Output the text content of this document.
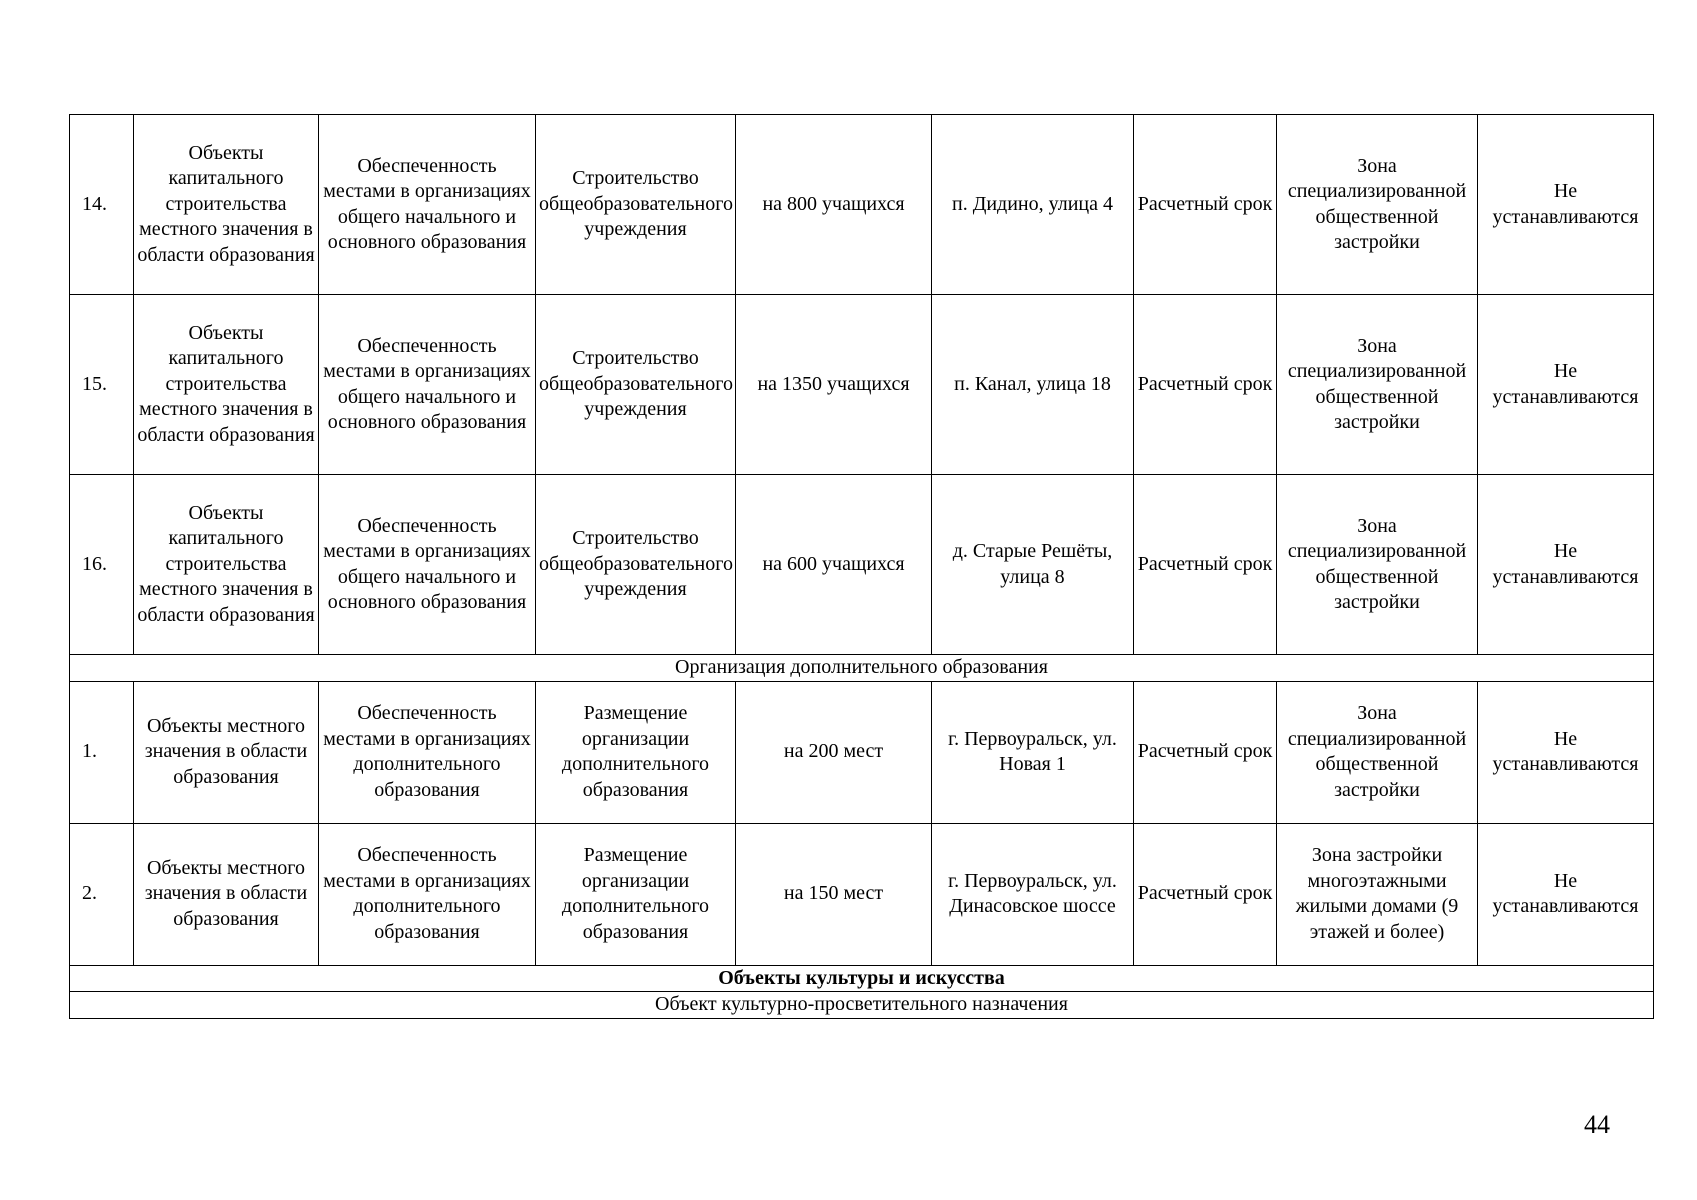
14.	Объекты капитального строительства местного значения в области образования	Обеспеченность местами в организациях общего начального и основного образования	Строительство общеобразовательного учреждения	на 800 учащихся	п. Дидино, улица 4	Расчетный срок	Зона специализированной общественной застройки	Не устанавливаются
15.	Объекты капитального строительства местного значения в области образования	Обеспеченность местами в организациях общего начального и основного образования	Строительство общеобразовательного учреждения	на 1350 учащихся	п. Канал, улица 18	Расчетный срок	Зона специализированной общественной застройки	Не устанавливаются
16.	Объекты капитального строительства местного значения в области образования	Обеспеченность местами в организациях общего начального и основного образования	Строительство общеобразовательного учреждения	на 600 учащихся	д. Старые Решёты, улица 8	Расчетный срок	Зона специализированной общественной застройки	Не устанавливаются
Организация дополнительного образования								
1.	Объекты местного значения в области образования	Обеспеченность местами в организациях дополнительного образования	Размещение организации дополнительного образования	на 200 мест	г. Первоуральск, ул. Новая 1	Расчетный срок	Зона специализированной общественной застройки	Не устанавливаются
2.	Объекты местного значения в области образования	Обеспеченность местами в организациях дополнительного образования	Размещение организации дополнительного образования	на 150 мест	г. Первоуральск, ул. Динасовское шоссе	Расчетный срок	Зона застройки многоэтажными жилыми домами (9 этажей и более)	Не устанавливаются
Объекты культуры и искусства								
Объект культурно-просветительного назначения								
44
